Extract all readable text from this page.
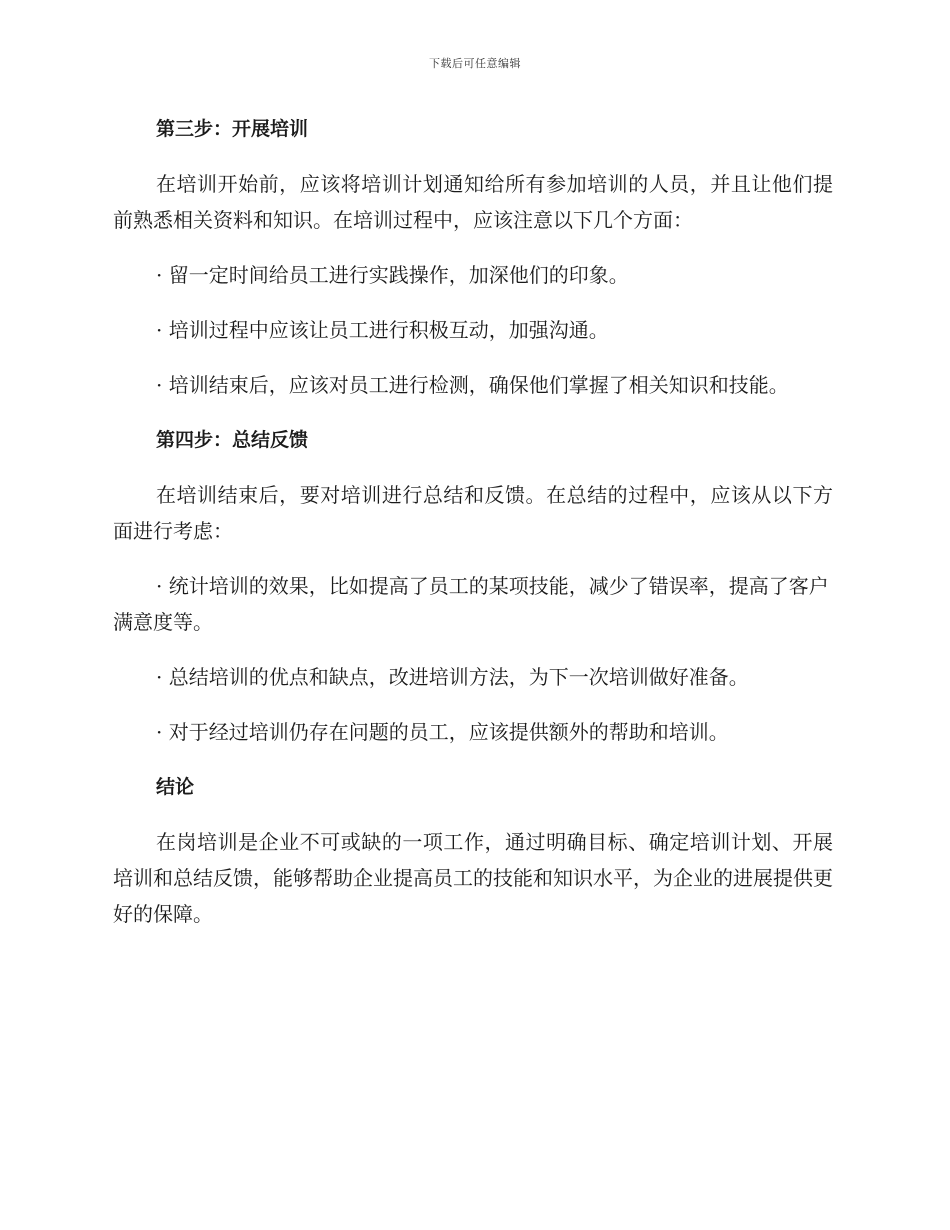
下载后可任意编辑
第三步：开展培训

在培训开始前，应该将培训计划通知给所有参加培训的人员，并且让他们提前熟悉相关资料和知识。在培训过程中，应该注意以下几个方面：

· 留一定时间给员工进行实践操作，加深他们的印象。

· 培训过程中应该让员工进行积极互动，加强沟通。

· 培训结束后，应该对员工进行检测，确保他们掌握了相关知识和技能。

第四步：总结反馈

在培训结束后，要对培训进行总结和反馈。在总结的过程中，应该从以下方面进行考虑：

· 统计培训的效果，比如提高了员工的某项技能，减少了错误率，提高了客户满意度等。

· 总结培训的优点和缺点，改进培训方法，为下一次培训做好准备。

· 对于经过培训仍存在问题的员工，应该提供额外的帮助和培训。

结论

在岗培训是企业不可或缺的一项工作，通过明确目标、确定培训计划、开展培训和总结反馈，能够帮助企业提高员工的技能和知识水平，为企业的进展提供更好的保障。
